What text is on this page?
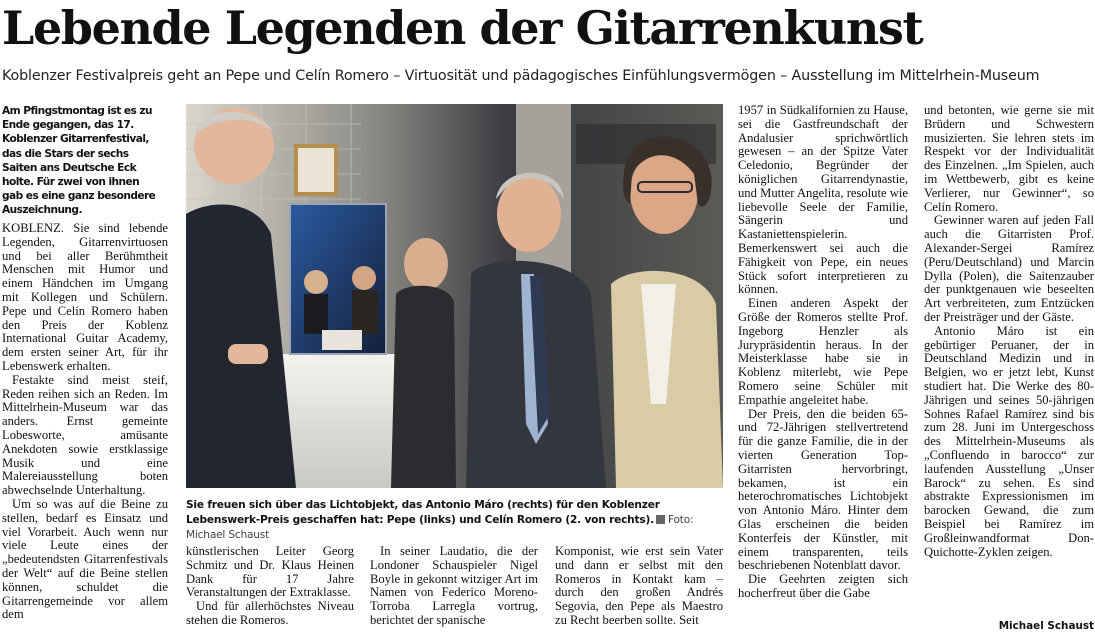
Lebende Legenden der Gitarrenkunst
Koblenzer Festivalpreis geht an Pepe und Celín Romero – Virtuosität und pädagogisches Einfühlungsvermögen – Ausstellung im Mittelrhein-Museum
Am Pfingstmontag ist es zu Ende gegangen, das 17. Koblenzer Gitarrenfestival, das die Stars der sechs Saiten ans Deutsche Eck holte. Für zwei von ihnen gab es eine ganz besondere Auszeichnung.

KOBLENZ. Sie sind lebende Legenden, Gitarrenvirtuosen und bei aller Berühmtheit Menschen mit Humor und einem Händchen im Umgang mit Kollegen und Schülern. Pepe und Celín Romero haben den Preis der Koblenz International Guitar Academy, dem ersten seiner Art, für ihr Lebenswerk erhalten.

Festakte sind meist steif, Reden reihen sich an Reden. Im Mittelrhein-Museum war das anders. Ernst gemeinte Lobesworte, amüsante Anekdoten sowie erstklassige Musik und eine Malereiausstellung boten abwechselnde Unterhaltung.

Um so was auf die Beine zu stellen, bedarf es Einsatz und viel Vorarbeit. Auch wenn nur viele Leute eines der „bedeutendsten Gitarrenfestivals der Welt“ auf die Beine stellen können, schuldet die Gitarrengemeinde vor allem dem

Sie freuen sich über das Lichtobjekt, das Antonio Máro (rechts) für den Koblenzer Lebenswerk-Preis geschaffen hat: Pepe (links) und Celín Romero (2. von rechts). Foto: Michael Schaust

künstlerischen Leiter Georg Schmitz und Dr. Klaus Heinen Dank für 17 Jahre Veranstaltungen der Extraklasse.

Und für allerhöchstes Niveau stehen die Romeros.

In seiner Laudatio, die der Londoner Schauspieler Nigel Boyle in gekonnt witziger Art im Namen von Federico Moreno-Torroba Larregla vortrug, berichtet der spanische

Komponist, wie erst sein Vater und dann er selbst mit den Romeros in Kontakt kam – durch den großen Andrés Segovia, den Pepe als Maestro zu Recht beerben sollte. Seit

1957 in Südkalifornien zu Hause, sei die Gastfreundschaft der Andalusier sprichwörtlich gewesen – an der Spitze Vater Celedonio, Begründer der königlichen Gitarrendynastie, und Mutter Angelita, resolute wie liebevolle Seele der Familie, Sängerin und Kastaniettenspielerin. Bemerkenswert sei auch die Fähigkeit von Pepe, ein neues Stück sofort interpretieren zu können.

Einen anderen Aspekt der Größe der Romeros stellte Prof. Ingeborg Henzler als Jurypräsidentin heraus. In der Meisterklasse habe sie in Koblenz miterlebt, wie Pepe Romero seine Schüler mit Empathie angeleitet habe.

Der Preis, den die beiden 65- und 72-Jährigen stellvertretend für die ganze Familie, die in der vierten Generation Top-Gitarristen hervorbringt, bekamen, ist ein heterochromatisches Lichtobjekt von Antonio Máro. Hinter dem Glas erscheinen die beiden Konterfeis der Künstler, mit einem transparenten, teils beschriebenen Notenblatt davor.

Die Geehrten zeigten sich hocherfreut über die Gabe

und betonten, wie gerne sie mit Brüdern und Schwestern musizierten. Sie lehren stets im Respekt vor der Individualität des Einzelnen. „Im Spielen, auch im Wettbewerb, gibt es keine Verlierer, nur Gewinner“, so Celín Romero.

Gewinner waren auf jeden Fall auch die Gitarristen Prof. Alexander-Sergei Ramírez (Peru/Deutschland) und Marcin Dylla (Polen), die Saitenzauber der punktgenauen wie beseelten Art verbreiteten, zum Entzücken der Preisträger und der Gäste.

Antonio Máro ist ein gebürtiger Peruaner, der in Deutschland Medizin und in Belgien, wo er jetzt lebt, Kunst studiert hat. Die Werke des 80-Jährigen und seines 50-jährigen Sohnes Rafael Ramírez sind bis zum 28. Juni im Untergeschoss des Mittelrhein-Museums als „Confluendo in barocco“ zur laufenden Ausstellung „Unser Barock“ zu sehen. Es sind abstrakte Expressionismen im barocken Gewand, die zum Beispiel bei Ramírez im Großleinwandformat Don-Quichotte-Zyklen zeigen.

Michael Schaust
